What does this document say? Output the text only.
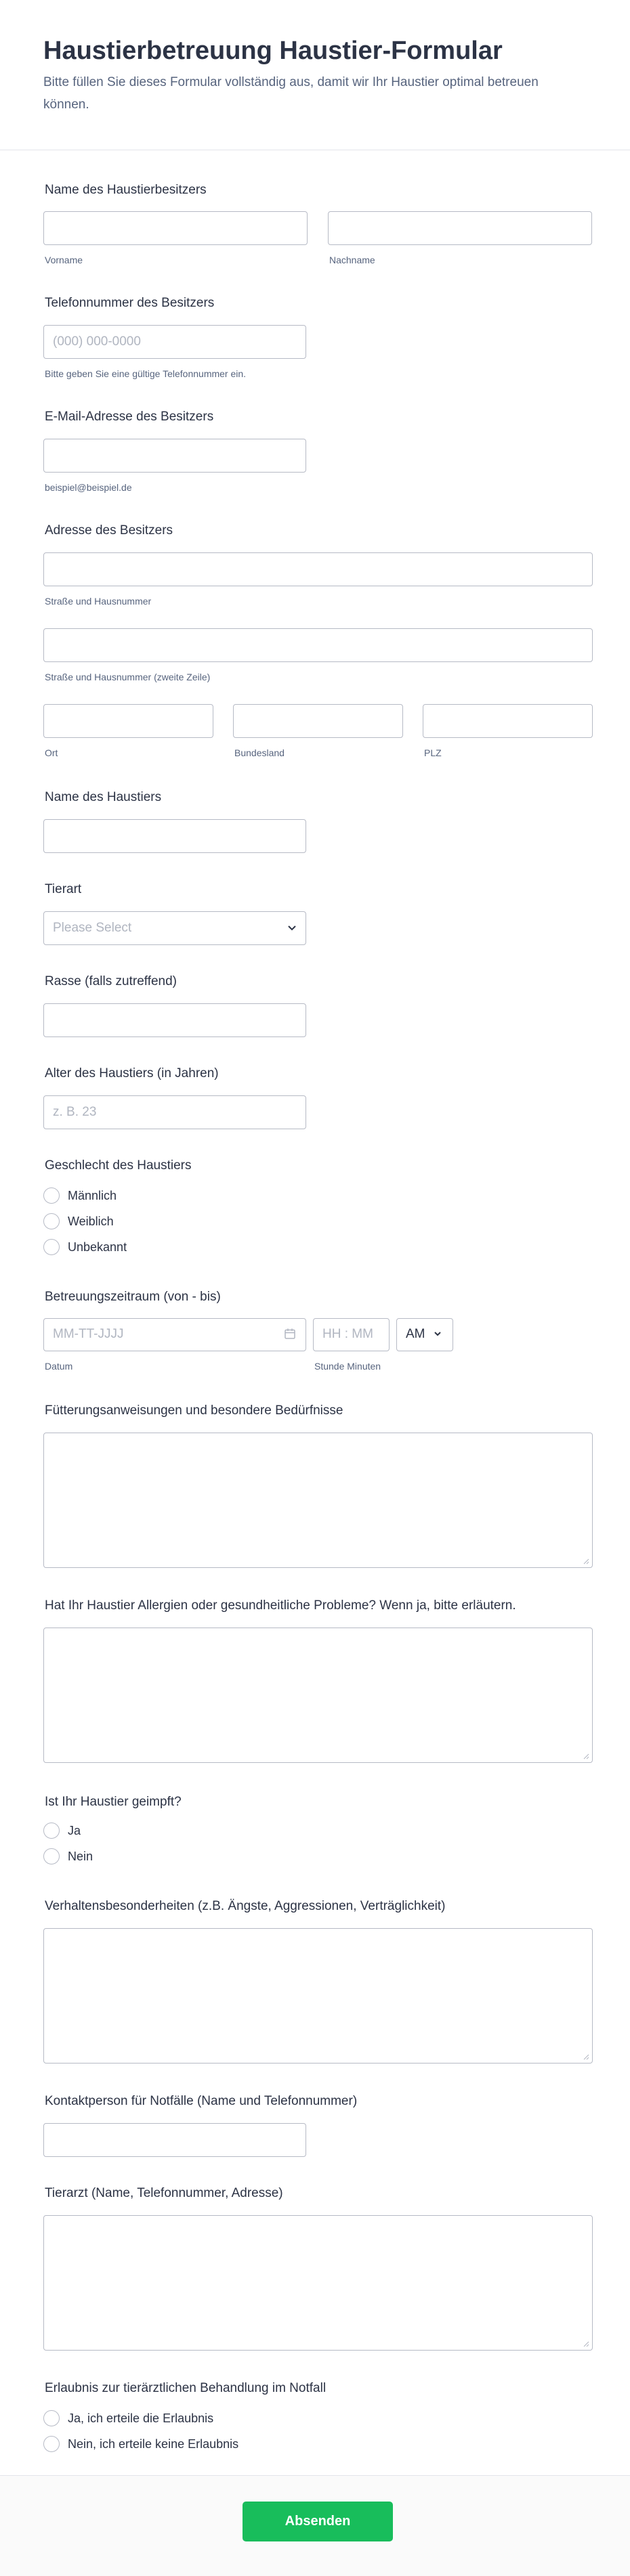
Haustierbetreuung Haustier-Formular

Bitte füllen Sie dieses Formular vollständig aus, damit wir Ihr Haustier optimal betreuen können.

Name des Haustierbesitzers
Vorname	Nachname
Telefonnummer des Besitzers
(000) 000-0000
Bitte geben Sie eine gültige Telefonnummer ein.
E-Mail-Adresse des Besitzers
beispiel@beispiel.de
Adresse des Besitzers
Straße und Hausnummer
Straße und Hausnummer (zweite Zeile)
Ort	Bundesland	PLZ
Name des Haustiers
Tierart
Please Select
Rasse (falls zutreffend)
Alter des Haustiers (in Jahren)
z. B. 23
Geschlecht des Haustiers
Männlich
Weiblich
Unbekannt
Betreuungszeitraum (von - bis)
MM-TT-JJJJ	HH : MM	AM
Datum	Stunde Minuten
Fütterungsanweisungen und besondere Bedürfnisse
Hat Ihr Haustier Allergien oder gesundheitliche Probleme? Wenn ja, bitte erläutern.
Ist Ihr Haustier geimpft?
Ja
Nein
Verhaltensbesonderheiten (z.B. Ängste, Aggressionen, Verträglichkeit)
Kontaktperson für Notfälle (Name und Telefonnummer)
Tierarzt (Name, Telefonnummer, Adresse)
Erlaubnis zur tierärztlichen Behandlung im Notfall
Ja, ich erteile die Erlaubnis
Nein, ich erteile keine Erlaubnis
Absenden
